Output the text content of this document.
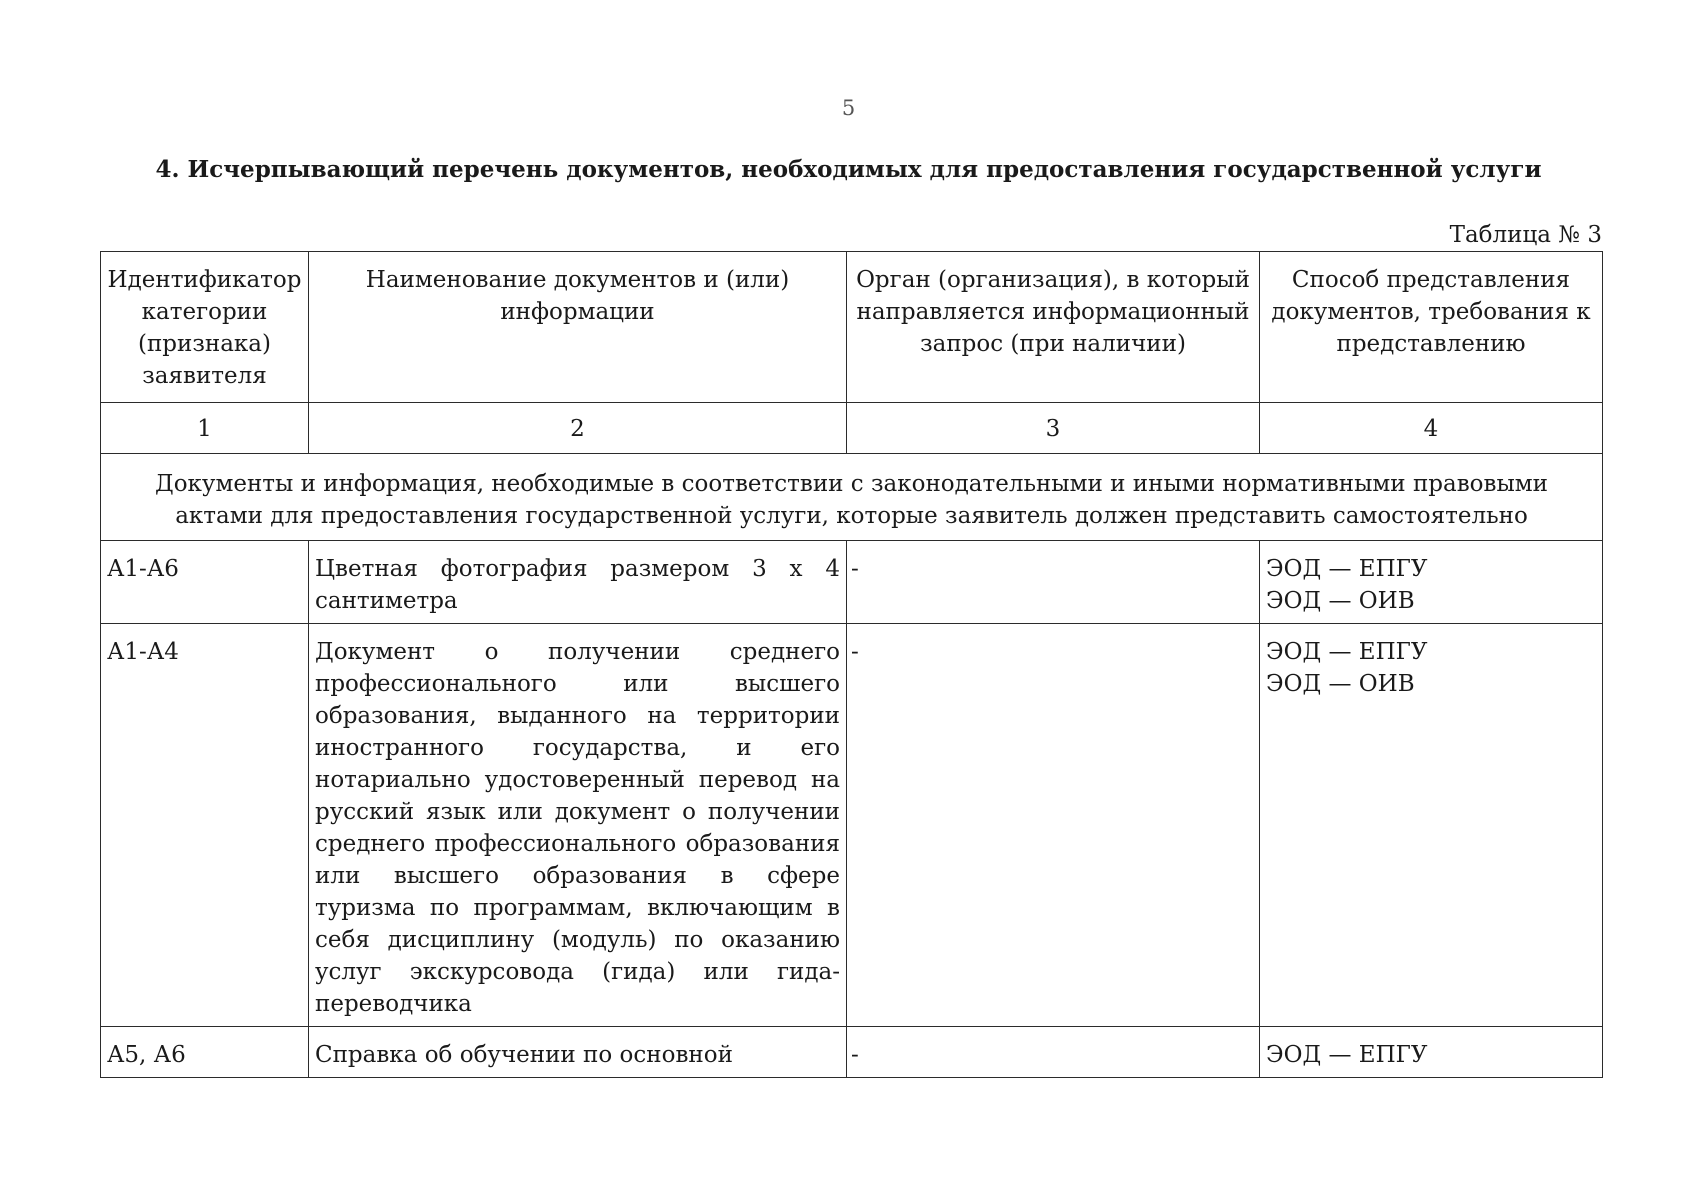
5
4. Исчерпывающий перечень документов, необходимых для предоставления государственной услуги
Таблица № 3
Идентификатор категории (признака) заявителя	Наименование документов и (или) информации	Орган (организация), в который направляется информационный запрос (при наличии)	Способ представления документов, требования к представлению
1	2	3	4
Документы и информация, необходимые в соответствии с законодательными и иными нормативными правовыми актами для предоставления государственной услуги, которые заявитель должен представить самостоятельно			
А1-А6	Цветная фотография размером 3 х 4 сантиметра	-	ЭОД — ЕПГУ
ЭОД — ОИВ

А1-А4	Документ о получении среднего профессионального или высшего образования, выданного на территории иностранного государства, и его нотариально удостоверенный перевод на русский язык или документ о получении среднего профессионального образования или высшего образования в сфере туризма по программам, включающим в себя дисциплину (модуль) по оказанию услуг экскурсовода (гида) или гида-переводчика	-	ЭОД — ЕПГУ
ЭОД — ОИВ

А5, А6	Справка об обучении по основной	-	ЭОД — ЕПГУ
